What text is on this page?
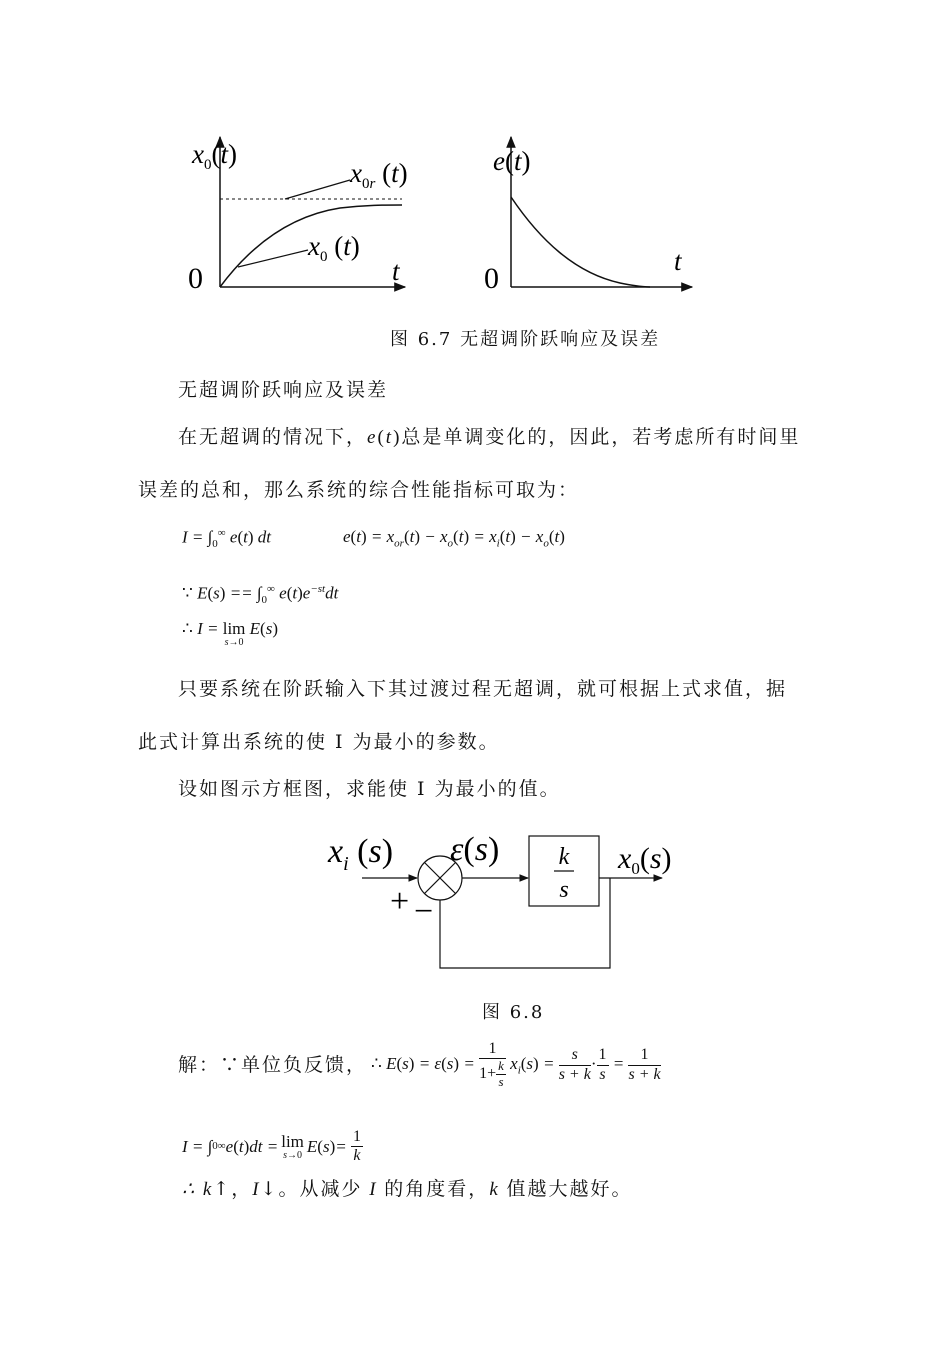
$x_0(t)$
$x_0r$ (t)
$x_0$ (t)
0	t
e(t)
0
t
图 6.7 无超调阶跃响应及误差
无超调阶跃响应及误差
在无超调的情况下，e(t)总是单调变化的，因此，若考虑所有时间里
误差的总和，那么系统的综合性能指标可取为：
$I = \int_0^\infty$ e(t) dt	$e(t) = x_{or}(t) - x_o(t) = x_i(t) - x_o(t)$
∵ $E(s) == \int_0^\infty$ $e(t)e^{-st}dt$
∴ I = lim
s→0
E(s)
只要系统在阶跃输入下其过渡过程无超调，就可根据上式求值，据
此式计算出系统的使 I 为最小的参数。
设如图示方框图，求能使 I 为最小的值。
$x_i$ (s) ε(s) k
s
$x_0(s)$
+ −
图 6.8
解：∵单位负反馈， ∴ $E(s) = \varepsilon(s) = \frac{1}{1+ \frac{k}{s}} x_i(s) = \frac{s}{s + k} \cdot \frac{1}{s} = \frac{1}{s + k}$
I = ∫ 0 ∞ e ( t ) dt = lim
s→0 E ( s ) = $\frac{1}{k}$
∴ k↑，I↓。从减少 I 的角度看，k 值越大越好。
